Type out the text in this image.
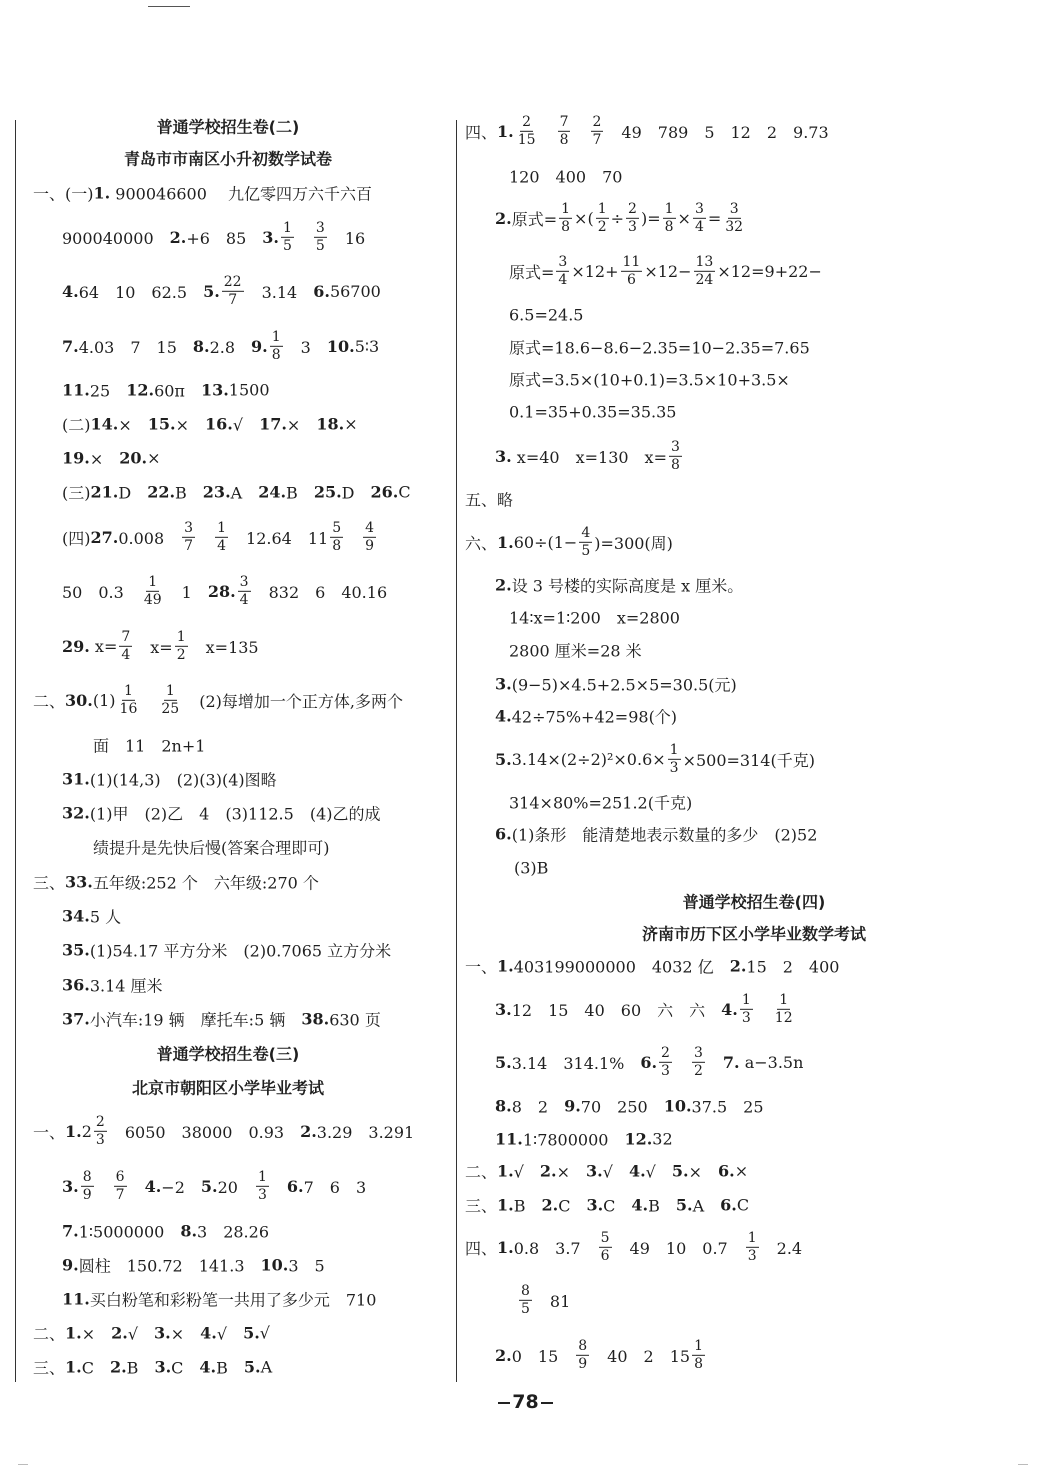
普通学校招生卷(二)
青岛市市南区小升初数学试卷
一、(一) 1. 900046600　 九亿零四万六千六百
900040000　 2. +6　85　 3. $\frac{1}{5}$
　 $\frac{3}{5}$ 　16
4. 64　10　62.5　 5. $\frac{22}{7}$ 　3.14　 6. 56700
7. 4.03　7　15　 8. 2.8　 9. $\frac{1}{8}$ 　3　 10. 5∶3
11. 25　 12. 60π　 13. 1500
(二) 14. ×　 15. ×　 16. √　 17. ×　 18. ×
19. ×　 20. ×
(三) 21. D　 22. B　 23. A　 24. B　 25. D　 26. C
(四) 27. 0.008　 $\frac{3}{7}$
　 $\frac{1}{4}$ 　12.64　$11 \frac{5}{8}$
　 $\frac{4}{9}$
50　0.3　 $\frac{1}{49}$ 　1　 28. $\frac{3}{4}$ 　832　6　40.16
29. $x= \frac{7}{4}$ 　$x= \frac{1}{2}$ 　x=135
二、 30. $(1) \frac{1}{16}$
　 $\frac{1}{25}$ 　(2)每增加一个正方体,多两个
面　11　2n+1
31. (1)(14,3)　(2)(3)(4)图略
32. (1)甲　(2)乙　4　(3)112.5　(4)乙的成
绩提升是先快后慢(答案合理即可)
三、 33. 五年级:252 个　六年级:270 个
34. 5 人
35. (1)54.17 平方分米　(2)0.7065 立方分米
36. 3.14 厘米
37. 小汽车:19 辆　摩托车:5 辆　 38. 630 页
普通学校招生卷(三)
北京市朝阳区小学毕业考试
一、 1. $2 \frac{2}{3}$ 　6050　38000　0.93　 2. 3.29　3.291
3. $\frac{8}{9}$
　 $\frac{6}{7}$
　 4. −2　 5. 20　 $\frac{1}{3}$
　 6. 7　6　3
7. 1∶5000000　 8. 3　28.26
9. 圆柱　150.72　141.3　 10. 3　5
11. 买白粉笔和彩粉笔一共用了多少元　710
二、 1. ×　 2. √　 3. ×　 4. √　 5. √
三、 1. C　 2. B　 3. C　 4. B　 5. A
四、 1. $\frac{2}{15}$
　 $\frac{7}{8}$
　 $\frac{2}{7}$ 　49　789　5　12　2　9.73
120　400　70
2. 原式= $\frac{1}{8}$ ×( $\frac{1}{2} \div \frac{2}{3}$ )= $\frac{1}{8} \times \frac{3}{4} = \frac{3}{32}$
原式= $\frac{3}{4} \times 12+ \frac{11}{6} \times 12- \frac{13}{24} \times 12=9+22-$
6.5=24.5
原式=18.6−8.6−2.35=10−2.35=7.65
原式=3.5×(10+0.1)=3.5×10+3.5×
0.1=35+0.35=35.35
3. x=40　x=130　$x= \frac{3}{8}$
五、略
六、 1. $60\div(1- \frac{4}{5} )=300$(周)
2. 设 3 号楼的实际高度是 x 厘米。
14∶x=1∶200　x=2800
2800 厘米=28 米
3. (9−5)×4.5+2.5×5=30.5(元)
4. 42÷75%+42=98(个)
5. $3.14\times(2\div 2)^2\times 0.6\times \frac{1}{3} \times 500=314$(千克)
314×80%=251.2(千克)
6. (1)条形　能清楚地表示数量的多少　(2)52
(3)B
普通学校招生卷(四)
济南市历下区小学毕业数学考试
一、 1. 403199000000　4032 亿　 2. 15　2　400
3. 12　15　40　60　六　六　 4. $\frac{1}{3}$
　 $\frac{1}{12}$
5. 3.14̇　314.1%　 6. $\frac{2}{3}$
　 $\frac{3}{2}$
　 7. a−3.5n
8. 8　2　 9. 70　250　 10. 37.5　25
11. 1∶7800000　 12. 32
二、 1. √　 2. ×　 3. √　 4. √　 5. ×　 6. ×
三、 1. B　 2. C　 3. C　 4. B　 5. A　 6. C
四、 1. 0.8　3.7　 $\frac{5}{6}$ 　49　10　0.7　 $\frac{1}{3}$ 　2.4
$\frac{8}{5}$ 　81
2. 0　15　 $\frac{8}{9}$ 　40　2　$15 \frac{1}{8}$
78
